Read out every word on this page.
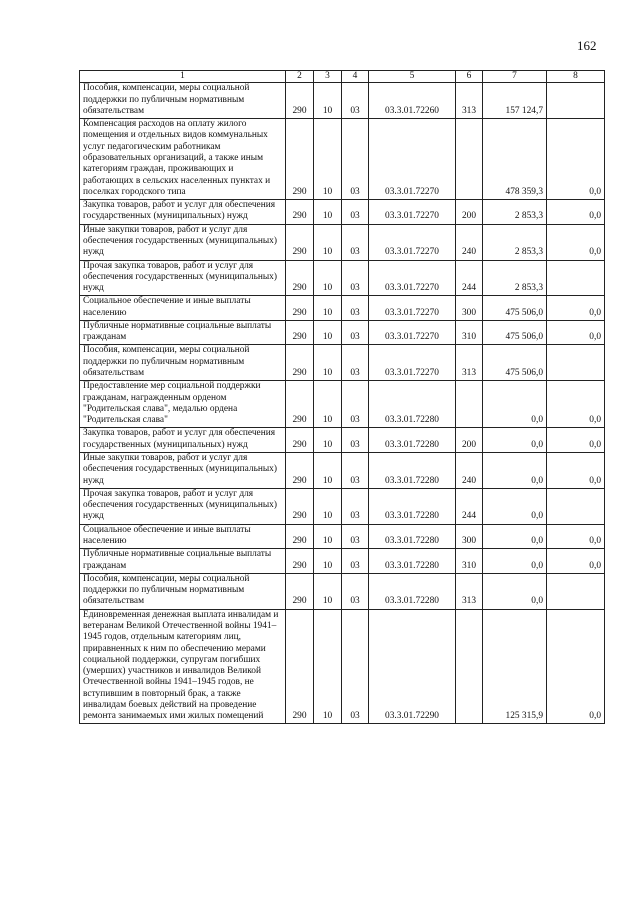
162
1	2	3	4	5	6	7	8
Пособия, компенсации, меры социальной поддержки по публичным нормативным обязательствам	290	10	03	03.3.01.72260	313	157 124,7	
Компенсация расходов на оплату жилого помещения и отдельных видов коммунальных услуг педагогическим работникам образовательных организаций, а также иным категориям граждан, проживающих и работающих в сельских населенных пунктах и поселках городского типа	290	10	03	03.3.01.72270		478 359,3	0,0
Закупка товаров, работ и услуг для обеспечения государственных (муниципальных) нужд	290	10	03	03.3.01.72270	200	2 853,3	0,0
Иные закупки товаров, работ и услуг для обеспечения государственных (муниципальных) нужд	290	10	03	03.3.01.72270	240	2 853,3	0,0
Прочая закупка товаров, работ и услуг для обеспечения государственных (муниципальных) нужд	290	10	03	03.3.01.72270	244	2 853,3	
Социальное обеспечение и иные выплаты населению	290	10	03	03.3.01.72270	300	475 506,0	0,0
Публичные нормативные социальные выплаты гражданам	290	10	03	03.3.01.72270	310	475 506,0	0,0
Пособия, компенсации, меры социальной поддержки по публичным нормативным обязательствам	290	10	03	03.3.01.72270	313	475 506,0	
Предоставление мер социальной поддержки гражданам, награжденным орденом "Родительская слава", медалью ордена "Родительская слава"	290	10	03	03.3.01.72280		0,0	0,0
Закупка товаров, работ и услуг для обеспечения государственных (муниципальных) нужд	290	10	03	03.3.01.72280	200	0,0	0,0
Иные закупки товаров, работ и услуг для обеспечения государственных (муниципальных) нужд	290	10	03	03.3.01.72280	240	0,0	0,0
Прочая закупка товаров, работ и услуг для обеспечения государственных (муниципальных) нужд	290	10	03	03.3.01.72280	244	0,0	
Социальное обеспечение и иные выплаты населению	290	10	03	03.3.01.72280	300	0,0	0,0
Публичные нормативные социальные выплаты гражданам	290	10	03	03.3.01.72280	310	0,0	0,0
Пособия, компенсации, меры социальной поддержки по публичным нормативным обязательствам	290	10	03	03.3.01.72280	313	0,0	
Единовременная денежная выплата инвалидам и ветеранам Великой Отечественной войны 1941–1945 годов, отдельным категориям лиц, приравненных к ним по обеспечению мерами социальной поддержки, супругам погибших (умерших) участников и инвалидов Великой Отечественной войны 1941–1945 годов, не вступившим в повторный брак, а также инвалидам боевых действий на проведение ремонта занимаемых ими жилых помещений	290	10	03	03.3.01.72290		125 315,9	0,0
